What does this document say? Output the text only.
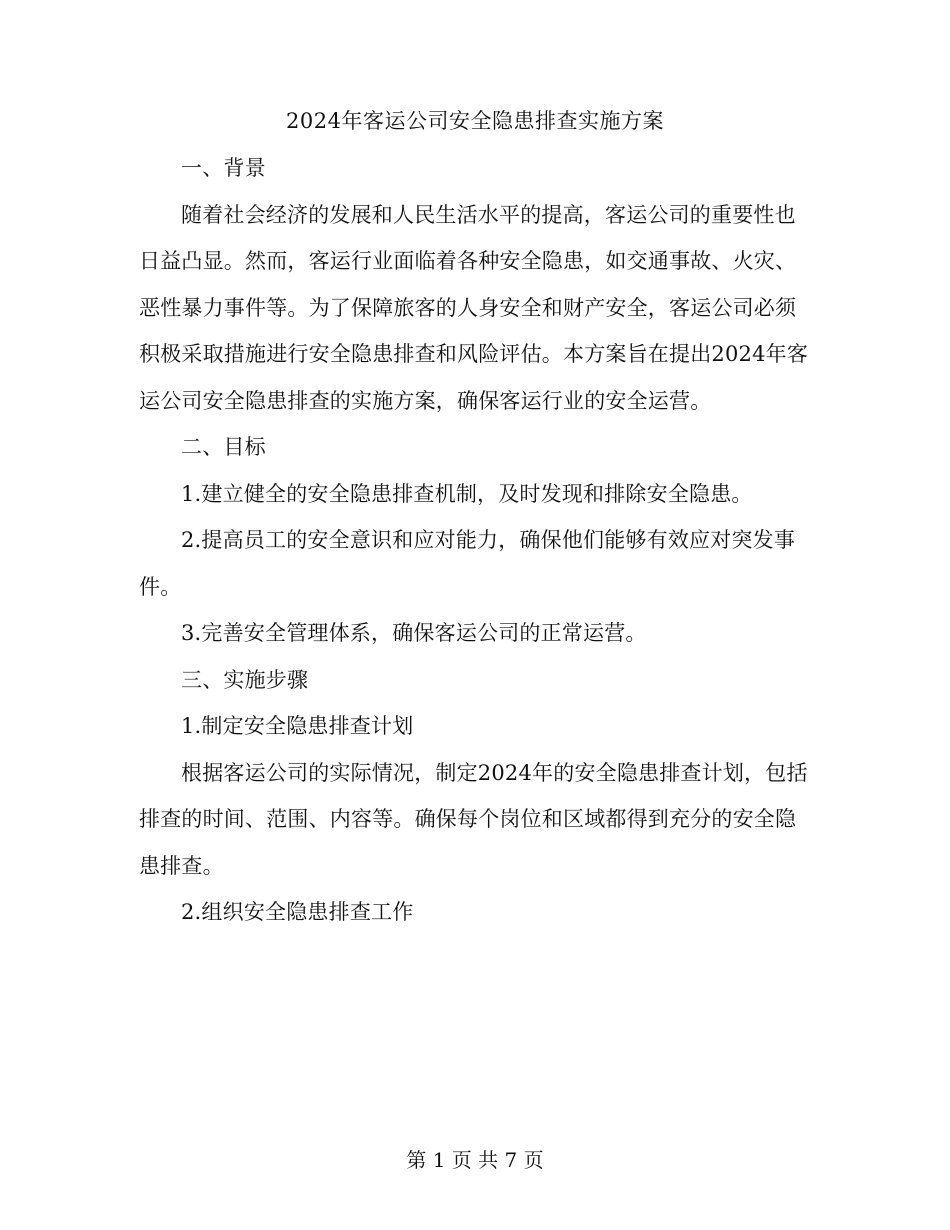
2024年客运公司安全隐患排查实施方案

一、背景

随着社会经济的发展和人民生活水平的提高，客运公司的重要性也日益凸显。然而，客运行业面临着各种安全隐患，如交通事故、火灾、恶性暴力事件等。为了保障旅客的人身安全和财产安全，客运公司必须积极采取措施进行安全隐患排查和风险评估。本方案旨在提出2024年客运公司安全隐患排查的实施方案，确保客运行业的安全运营。

二、目标

1.建立健全的安全隐患排查机制，及时发现和排除安全隐患。

2.提高员工的安全意识和应对能力，确保他们能够有效应对突发事件。

3.完善安全管理体系，确保客运公司的正常运营。

三、实施步骤

1.制定安全隐患排查计划

根据客运公司的实际情况，制定2024年的安全隐患排查计划，包括排查的时间、范围、内容等。确保每个岗位和区域都得到充分的安全隐患排查。

2.组织安全隐患排查工作

第 1 页 共 7 页
